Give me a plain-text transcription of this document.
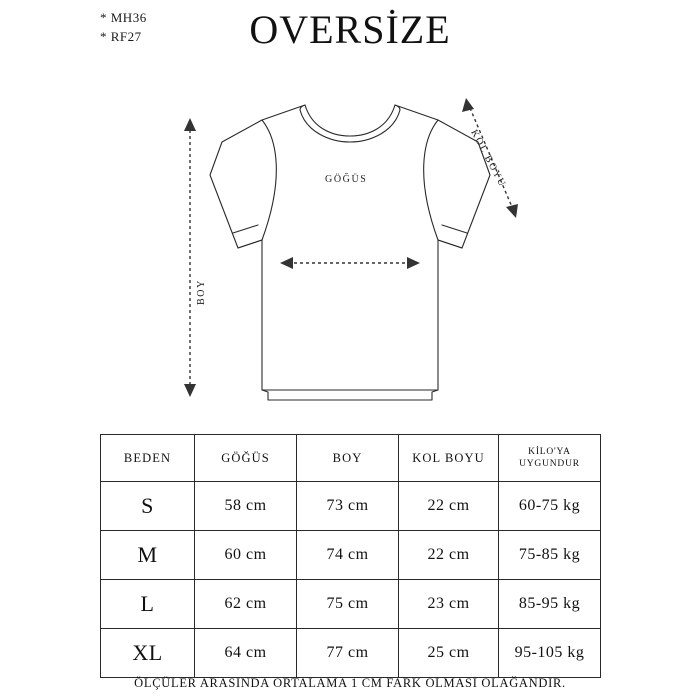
* MH36
* RF27	OVERSİZE
GÖĞÜS
BOY
KOL BOYU
BEDEN	GÖĞÜS	BOY	KOL BOYU	KİLO'YA
UYGUNDUR

S	58 cm	73 cm	22 cm	60-75 kg
M	60 cm	74 cm	22 cm	75-85 kg
L	62 cm	75 cm	23 cm	85-95 kg
XL	64 cm	77 cm	25 cm	95-105 kg
ÖLÇÜLER ARASINDA ORTALAMA 1 CM FARK OLMASI OLAĞANDIR.
